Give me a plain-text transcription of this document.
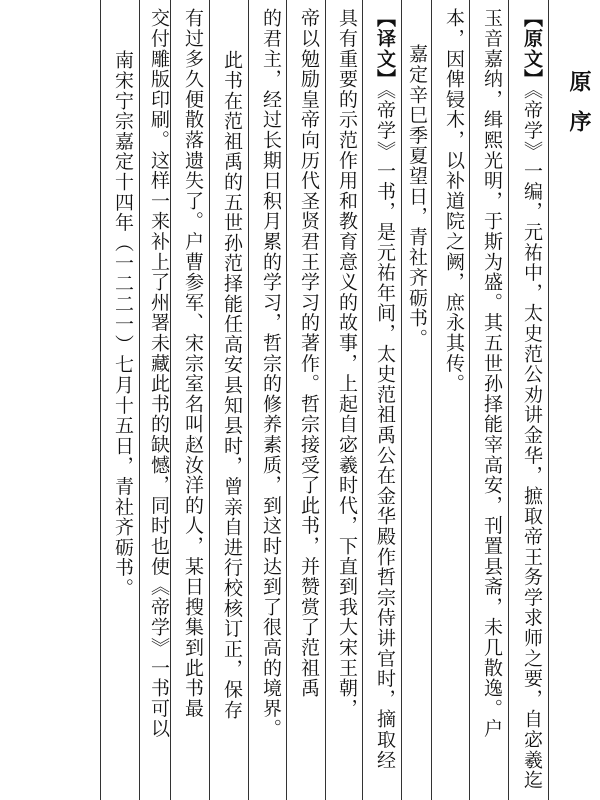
原序
【原文】《帝学》一编，元祐中，太史范公劝讲金华，摭取帝王务学求师之要，自宓羲迄
玉音嘉纳，缉熙光明，于斯为盛。其五世孙择能宰高安，刊置县斋，未几散逸。户
本，因俾锓木，以补道院之阙，庶永其传。
嘉定辛巳季夏望日，青社齐砺书。
【译文】《帝学》一书，是元祐年间，太史范祖禹公在金华殿作哲宗侍讲官时，摘取经
具有重要的示范作用和教育意义的故事，上起自宓羲时代，下直到我大宋王朝，
帝以勉励皇帝向历代圣贤君王学习的著作。哲宗接受了此书，并赞赏了范祖禹
的君主，经过长期日积月累的学习，哲宗的修养素质，到这时达到了很高的境界。
此书在范祖禹的五世孙范择能任高安县知县时，曾亲自进行校核订正，保存
有过多久便散落遗失了。户曹参军、宋宗室名叫赵汝洋的人，某日搜集到此书最
交付雕版印刷。这样一来补上了州署未藏此书的缺憾，同时也使《帝学》一书可以
南宋宁宗嘉定十四年（一二二一）七月十五日，青社齐砺书。
